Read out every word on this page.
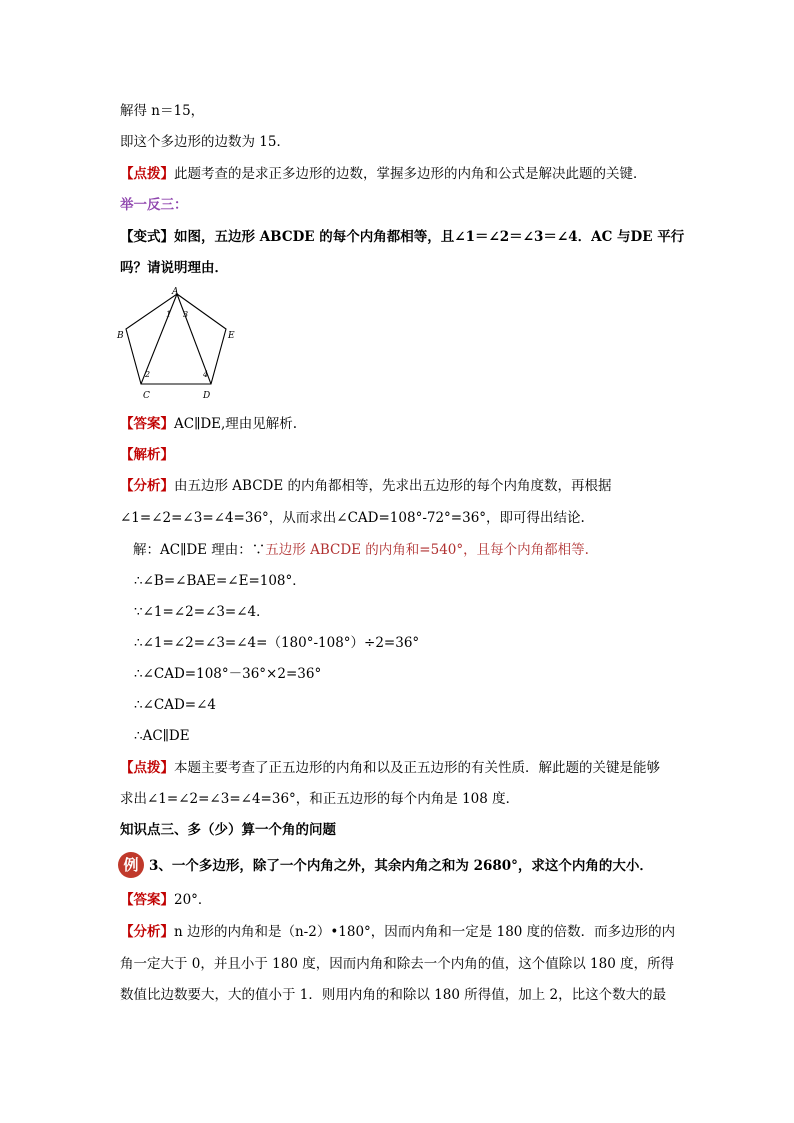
解得 n＝15，
即这个多边形的边数为 15．
【点拨】此题考查的是求正多边形的边数，掌握多边形的内角和公式是解决此题的关键．
举一反三：
【变式】如图，五边形 ABCDE 的每个内角都相等，且∠1＝∠2＝∠3＝∠4．AC 与DE 平行
吗？请说明理由．
A
B	E
C	D
1 3
2	4
【答案】AC∥DE,理由见解析.
【解析】
【分析】由五边形 ABCDE 的内角都相等，先求出五边形的每个内角度数，再根据
∠1=∠2=∠3=∠4=36°，从而求出∠CAD=108°-72°=36°，即可得出结论.
解：AC∥DE 理由：∵五边形 ABCDE 的内角和=540°，且每个内角都相等.
∴∠B=∠BAE=∠E=108°．
∵∠1=∠2=∠3=∠4．
∴∠1=∠2=∠3=∠4=（180°-108°）÷2=36°
∴∠CAD=108°－36°×2=36°
∴∠CAD=∠4
∴AC∥DE
【点拨】本题主要考查了正五边形的内角和以及正五边形的有关性质．解此题的关键是能够
求出∠1=∠2=∠3=∠4=36°，和正五边形的每个内角是 108 度．
知识点三、多（少）算一个角的问题
例 3、一个多边形，除了一个内角之外，其余内角之和为 2680°，求这个内角的大小．
【答案】20°．
【分析】n 边形的内角和是（n-2）•180°，因而内角和一定是 180 度的倍数．而多边形的内
角一定大于 0，并且小于 180 度，因而内角和除去一个内角的值，这个值除以 180 度，所得
数值比边数要大，大的值小于 1．则用内角的和除以 180 所得值，加上 2，比这个数大的最
